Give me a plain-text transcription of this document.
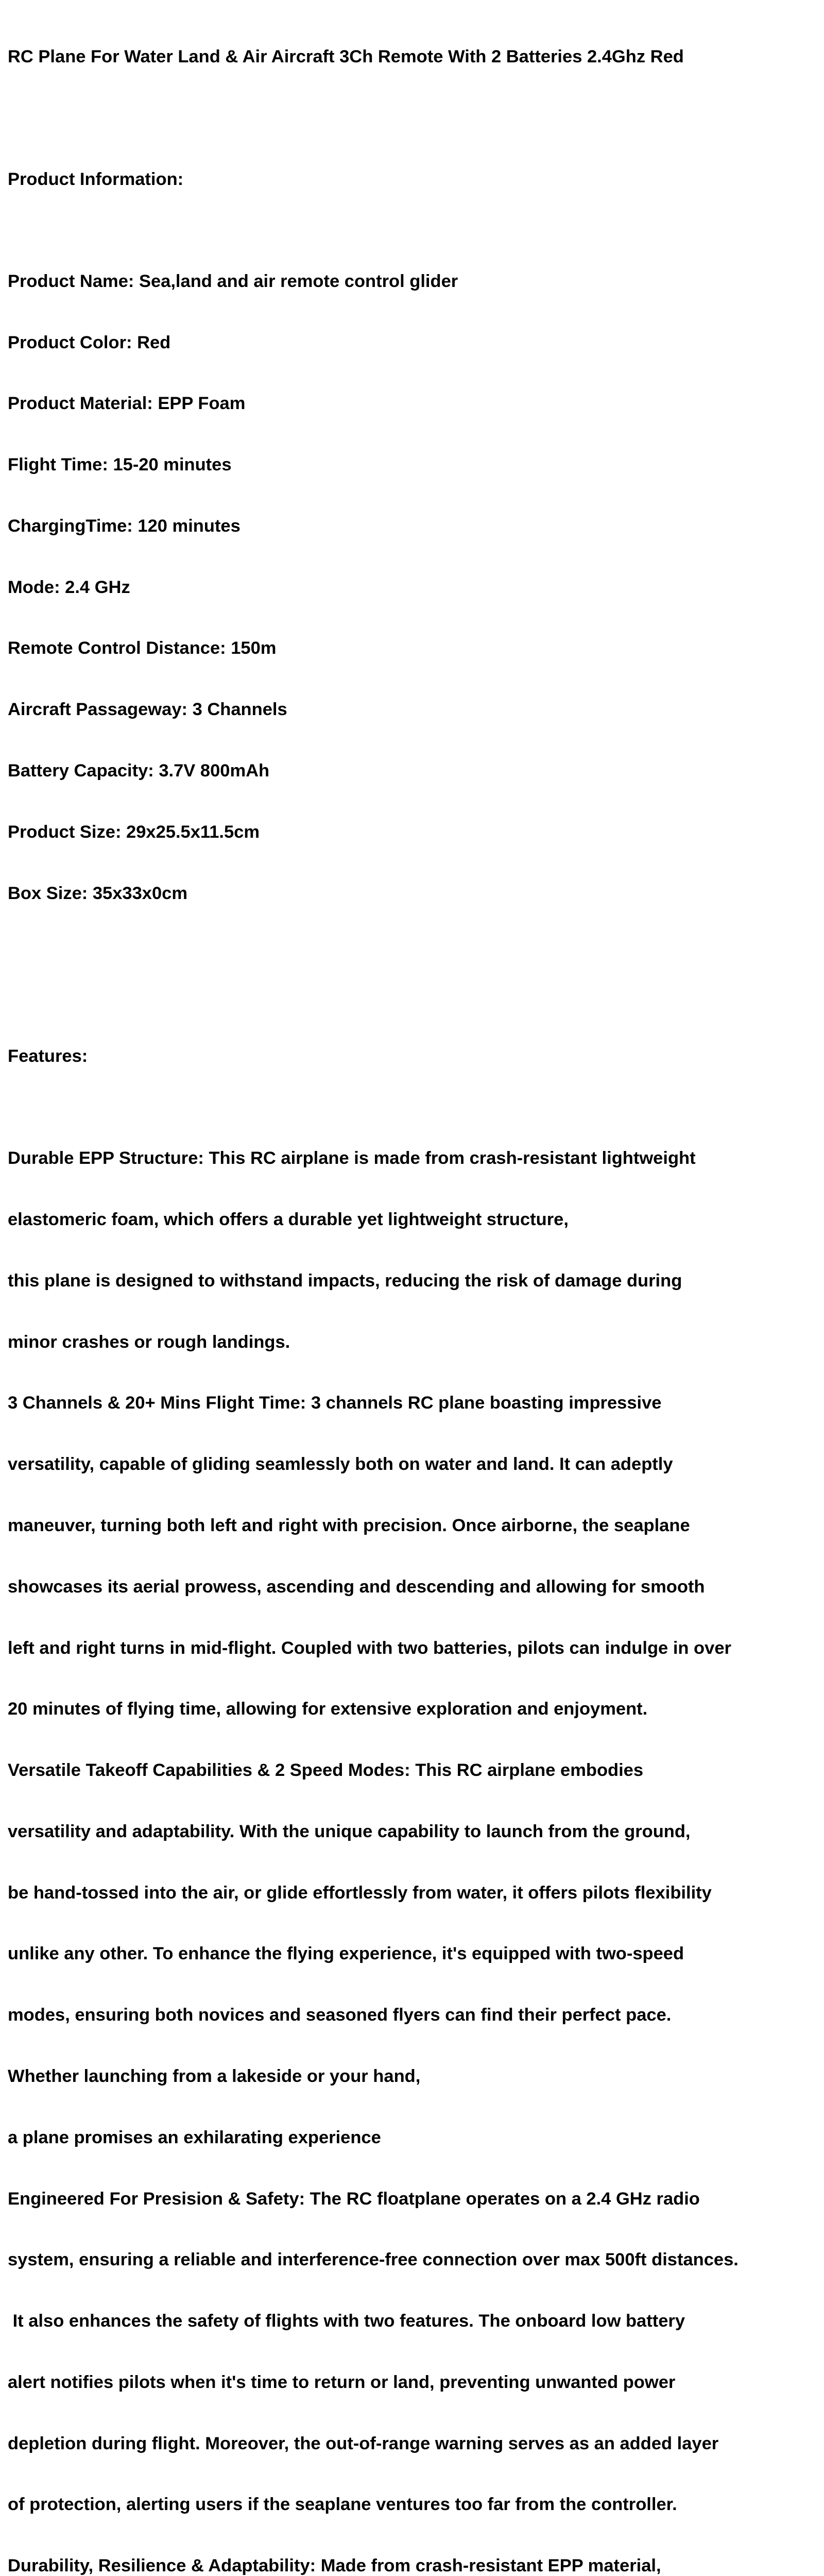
RC Plane For Water Land & Air Aircraft 3Ch Remote With 2 Batteries 2.4Ghz Red

Product Information:

Product Name: Sea,land and air remote control glider

Product Color: Red

Product Material: EPP Foam

Flight Time: 15-20 minutes

ChargingTime: 120 minutes

Mode: 2.4 GHz

Remote Control Distance: 150m

Aircraft Passageway: 3 Channels

Battery Capacity: 3.7V 800mAh

Product Size: 29x25.5x11.5cm

Box Size: 35x33x0cm

Features:

Durable EPP Structure: This RC airplane is made from crash-resistant lightweight

elastomeric foam, which offers a durable yet lightweight structure,

this plane is designed to withstand impacts, reducing the risk of damage during

minor crashes or rough landings.

3 Channels & 20+ Mins Flight Time: 3 channels RC plane boasting impressive

versatility, capable of gliding seamlessly both on water and land. It can adeptly

maneuver, turning both left and right with precision. Once airborne, the seaplane

showcases its aerial prowess, ascending and descending and allowing for smooth

left and right turns in mid-flight. Coupled with two batteries, pilots can indulge in over

20 minutes of flying time, allowing for extensive exploration and enjoyment.

Versatile Takeoff Capabilities & 2 Speed Modes: This RC airplane embodies

versatility and adaptability. With the unique capability to launch from the ground,

be hand-tossed into the air, or glide effortlessly from water, it offers pilots flexibility

unlike any other. To enhance the flying experience, it's equipped with two-speed

modes, ensuring both novices and seasoned flyers can find their perfect pace.

Whether launching from a lakeside or your hand,

a plane promises an exhilarating experience

Engineered For Presision & Safety: The RC floatplane operates on a 2.4 GHz radio

system, ensuring a reliable and interference-free connection over max 500ft distances.

It also enhances the safety of flights with two features. The onboard low battery

alert notifies pilots when it's time to return or land, preventing unwanted power

depletion during flight. Moreover, the out-of-range warning serves as an added layer

of protection, alerting users if the seaplane ventures too far from the controller.

Durability, Resilience & Adaptability: Made from crash-resistant EPP material,
